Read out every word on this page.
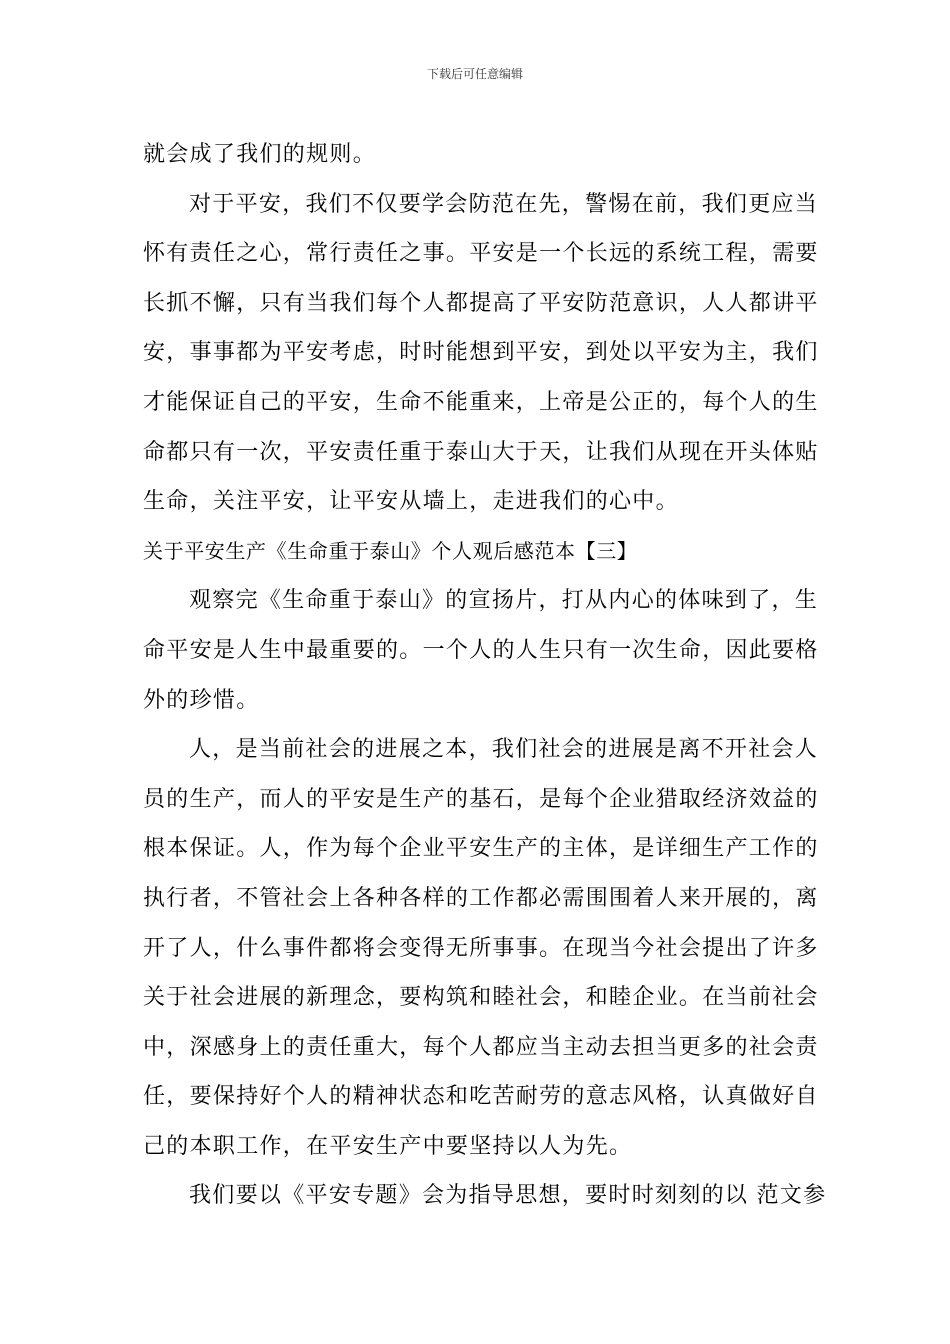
下载后可任意编辑
就会成了我们的规则。
对于平安，我们不仅要学会防范在先，警惕在前，我们更应当
怀有责任之心，常行责任之事。平安是一个长远的系统工程，需要
长抓不懈，只有当我们每个人都提高了平安防范意识，人人都讲平
安，事事都为平安考虑，时时能想到平安，到处以平安为主，我们
才能保证自己的平安，生命不能重来，上帝是公正的，每个人的生
命都只有一次，平安责任重于泰山大于天，让我们从现在开头体贴
生命，关注平安，让平安从墙上，走进我们的心中。
关于平安生产《生命重于泰山》个人观后感范本【三】
观察完《生命重于泰山》的宣扬片，打从内心的体味到了，生
命平安是人生中最重要的。一个人的人生只有一次生命，因此要格
外的珍惜。
人，是当前社会的进展之本，我们社会的进展是离不开社会人
员的生产，而人的平安是生产的基石，是每个企业猎取经济效益的
根本保证。人，作为每个企业平安生产的主体，是详细生产工作的
执行者，不管社会上各种各样的工作都必需围围着人来开展的，离
开了人，什么事件都将会变得无所事事。在现当今社会提出了许多
关于社会进展的新理念，要构筑和睦社会，和睦企业。在当前社会
中，深感身上的责任重大，每个人都应当主动去担当更多的社会责
任，要保持好个人的精神状态和吃苦耐劳的意志风格，认真做好自
己的本职工作，在平安生产中要坚持以人为先。
我们要以《平安专题》会为指导思想，要时时刻刻的以 范文参
